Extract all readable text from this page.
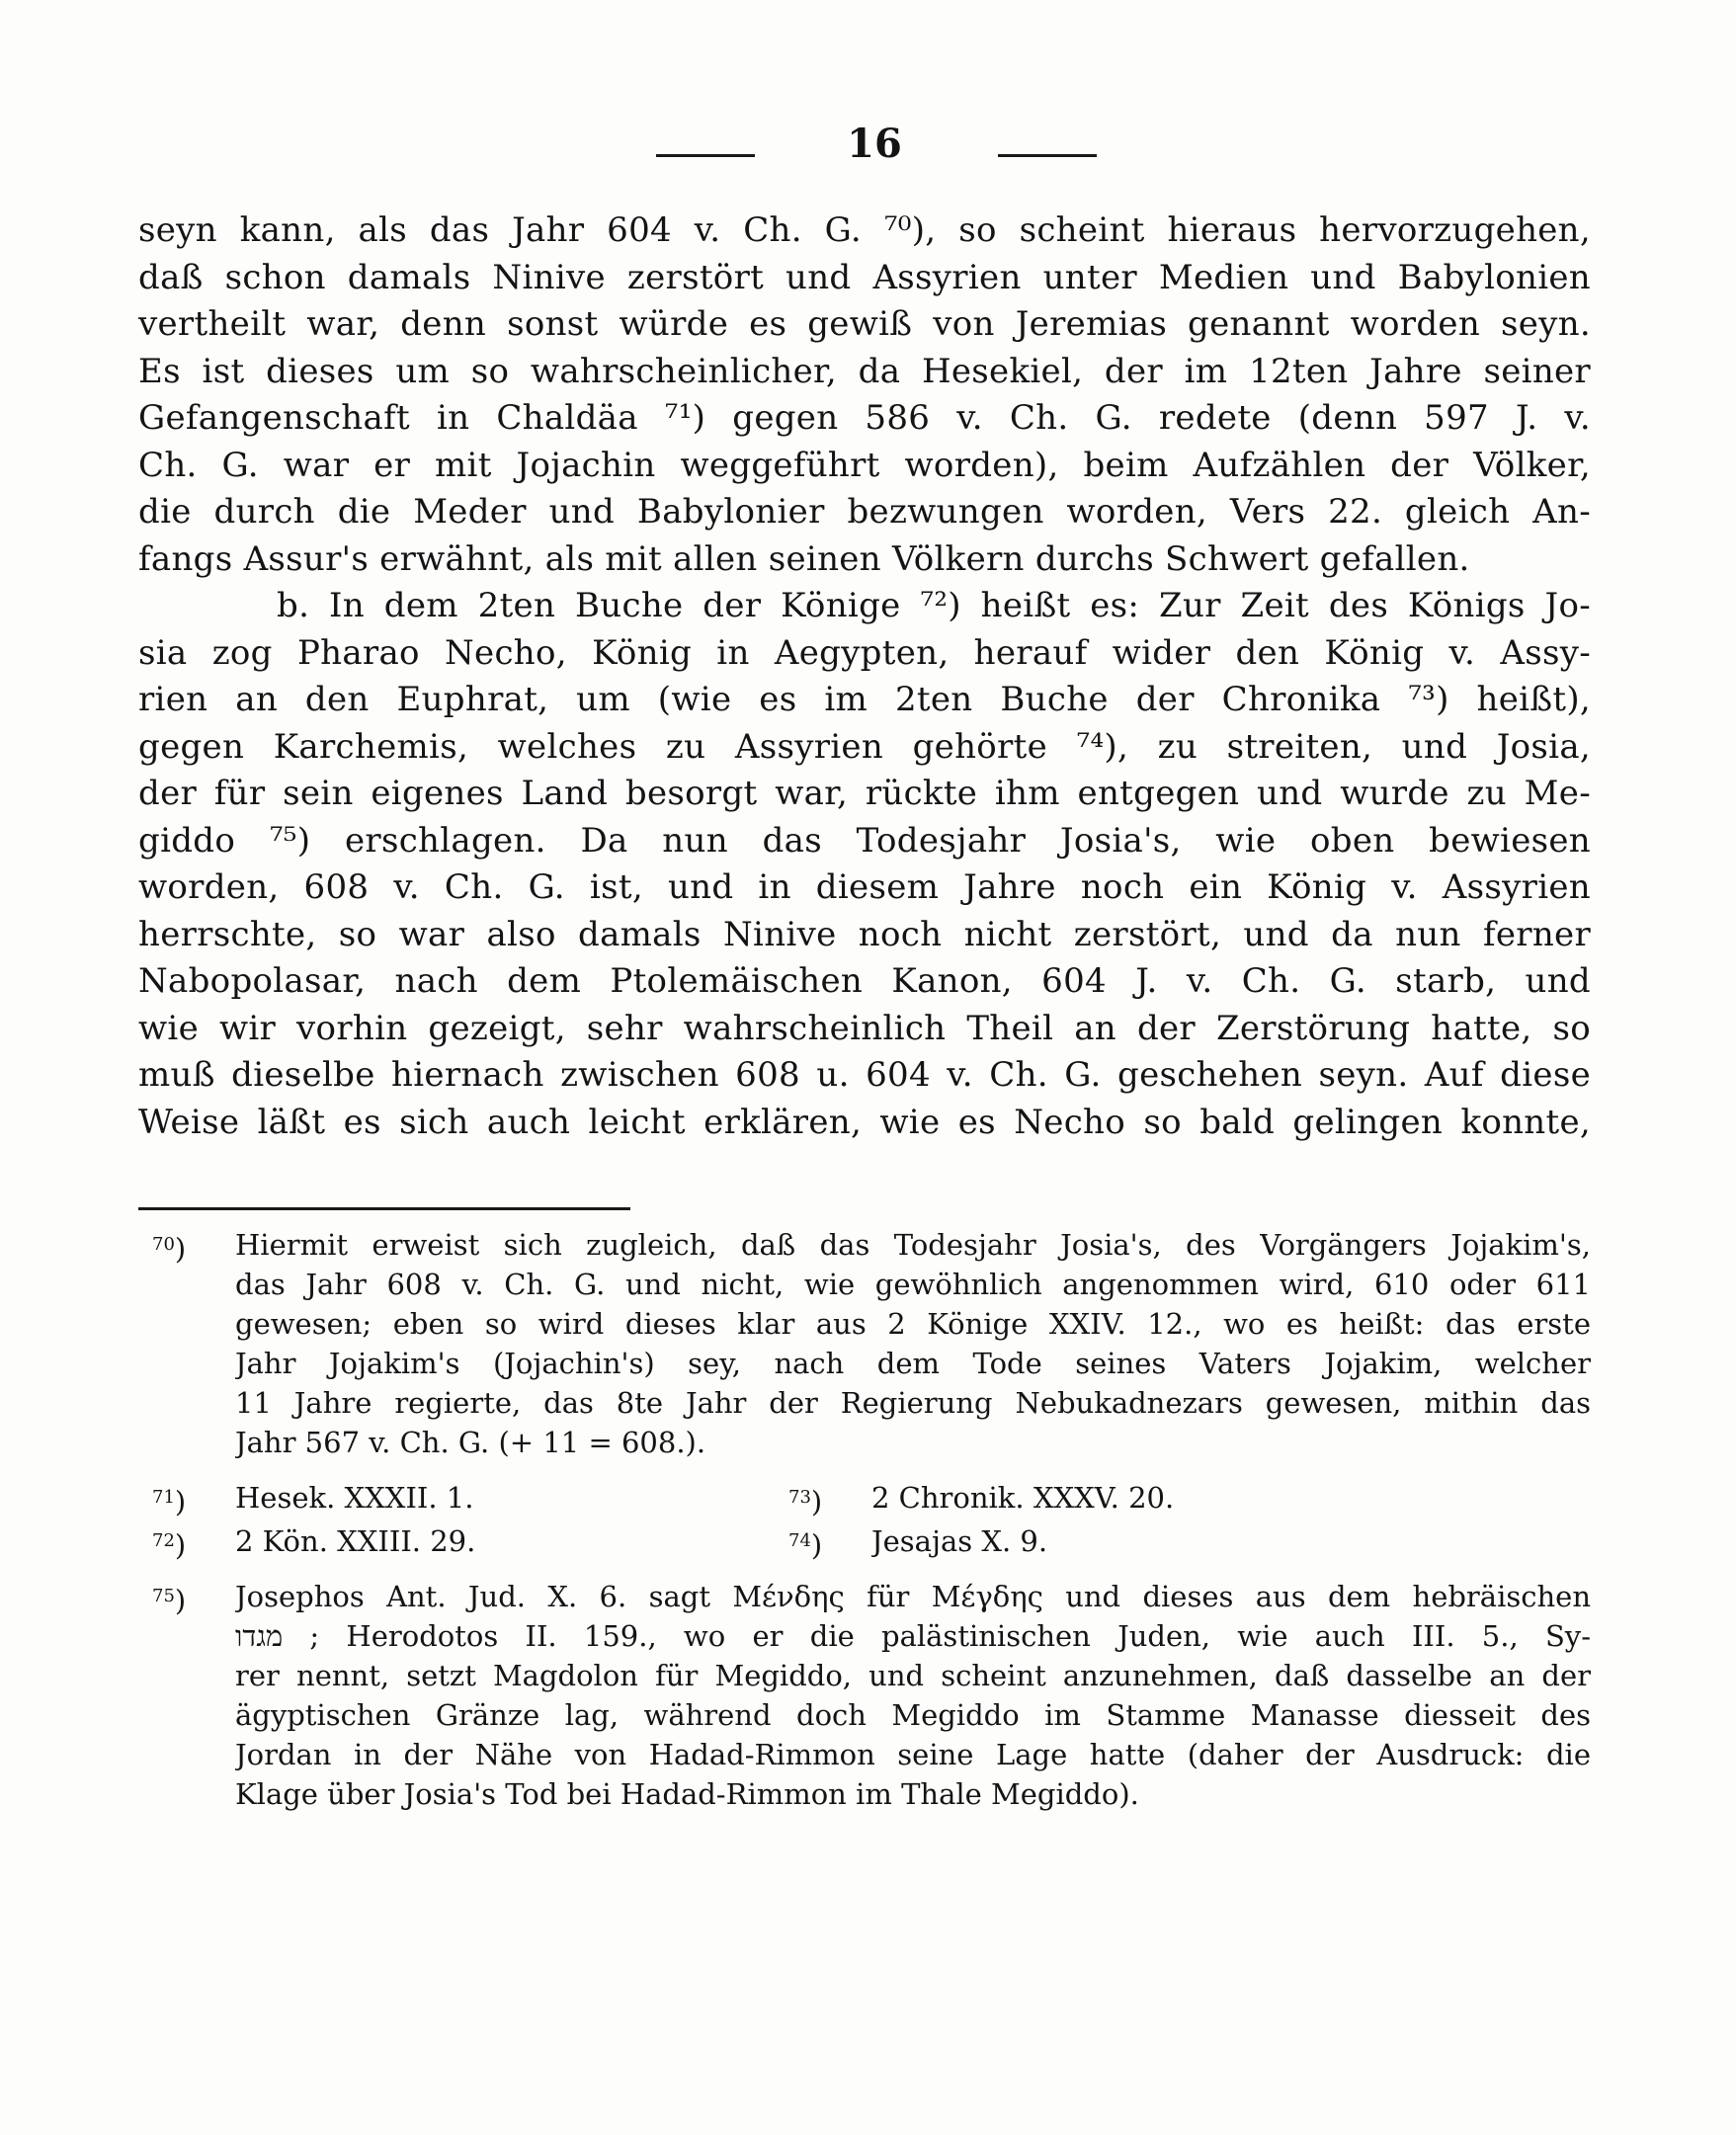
16
seyn kann, als das Jahr 604 v. Ch. G. ⁷⁰), so scheint hieraus hervorzugehen,
daß schon damals Ninive zerstört und Assyrien unter Medien und Babylonien
vertheilt war, denn sonst würde es gewiß von Jeremias genannt worden seyn.
Es ist dieses um so wahrscheinlicher, da Hesekiel, der im 12ten Jahre seiner
Gefangenschaft in Chaldäa ⁷¹) gegen 586 v. Ch. G. redete (denn 597 J. v.
Ch. G. war er mit Jojachin weggeführt worden), beim Aufzählen der Völker,
die durch die Meder und Babylonier bezwungen worden, Vers 22. gleich An-
fangs Assur's erwähnt, als mit allen seinen Völkern durchs Schwert gefallen.
b. In dem 2ten Buche der Könige ⁷²) heißt es: Zur Zeit des Königs Jo-
sia zog Pharao Necho, König in Aegypten, herauf wider den König v. Assy-
rien an den Euphrat, um (wie es im 2ten Buche der Chronika ⁷³) heißt),
gegen Karchemis, welches zu Assyrien gehörte ⁷⁴), zu streiten, und Josia,
der für sein eigenes Land besorgt war, rückte ihm entgegen und wurde zu Me-
giddo ⁷⁵) erschlagen. Da nun das Todesjahr Josia's, wie oben bewiesen
worden, 608 v. Ch. G. ist, und in diesem Jahre noch ein König v. Assyrien
herrschte, so war also damals Ninive noch nicht zerstört, und da nun ferner
Nabopolasar, nach dem Ptolemäischen Kanon, 604 J. v. Ch. G. starb, und
wie wir vorhin gezeigt, sehr wahrscheinlich Theil an der Zerstörung hatte, so
muß dieselbe hiernach zwischen 608 u. 604 v. Ch. G. geschehen seyn. Auf diese
Weise läßt es sich auch leicht erklären, wie es Necho so bald gelingen konnte,
$^{70}$) Hiermit erweist sich zugleich, daß das Todesjahr Josia's, des Vorgängers Jojakim's,
das Jahr 608 v. Ch. G. und nicht, wie gewöhnlich angenommen wird, 610 oder 611
gewesen; eben so wird dieses klar aus 2 Könige XXIV. 12., wo es heißt: das erste
Jahr Jojakim's (Jojachin's) sey, nach dem Tode seines Vaters Jojakim, welcher
11 Jahre regierte, das 8te Jahr der Regierung Nebukadnezars gewesen, mithin das
Jahr 567 v. Ch. G. (+ 11 = 608.).
$^{71}$) Hesek. XXXII. 1.	$^{73}$) 2 Chronik. XXXV. 20.
$^{72}$) 2 Kön. XXIII. 29.	$^{74}$) Jesajas X. 9.
$^{75}$) Josephos Ant. Jud. X. 6. sagt Μένδης für Μέγδης und dieses aus dem hebräischen
מגדו ; Herodotos II. 159., wo er die palästinischen Juden, wie auch III. 5., Sy-
rer nennt, setzt Magdolon für Megiddo, und scheint anzunehmen, daß dasselbe an der
ägyptischen Gränze lag, während doch Megiddo im Stamme Manasse diesseit des
Jordan in der Nähe von Hadad-Rimmon seine Lage hatte (daher der Ausdruck: die
Klage über Josia's Tod bei Hadad-Rimmon im Thale Megiddo).
